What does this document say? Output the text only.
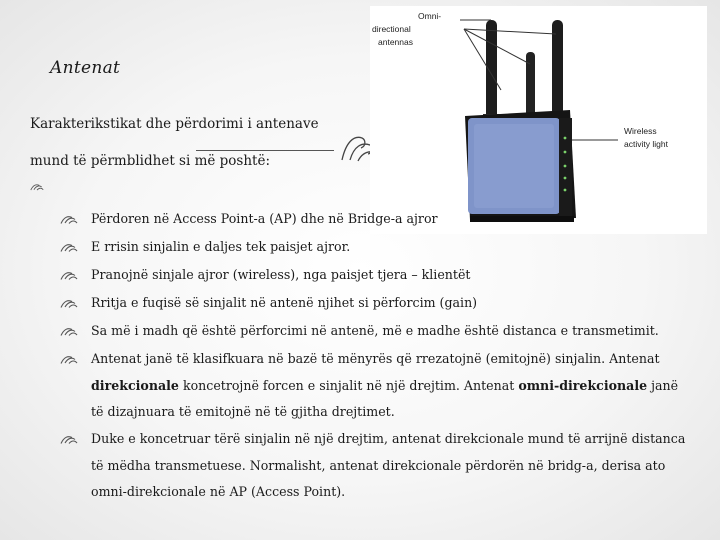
Antenat
Karakterikstikat dhe përdorimi i antenave
mund të përmblidhet si më poshtë:
Omni-
directional
antennas
Wireless
activity light
Përdoren në Access Point-a (AP) dhe në Bridge-a ajror
E rrisin sinjalin e daljes tek paisjet ajror.
Pranojnë sinjale ajror (wireless), nga paisjet tjera – klientët
Rritja e fuqisë së sinjalit në antenë njihet si përforcim (gain)
Sa më i madh që është përforcimi në antenë, më e madhe është distanca e transmetimit.
Antenat janë të klasifkuara në bazë të mënyrës që rrezatojnë (emitojnë) sinjalin. Antenat direkcionale koncetrojnë forcen e sinjalit në një drejtim. Antenat omni-direkcionale janë të dizajnuara të emitojnë në të gjitha drejtimet.
Duke e koncetruar tërë sinjalin në një drejtim, antenat direkcionale mund të arrijnë distanca të mëdha transmetuese. Normalisht, antenat direkcionale përdorën në bridg-a, derisa ato omni-direkcionale në AP (Access Point).
